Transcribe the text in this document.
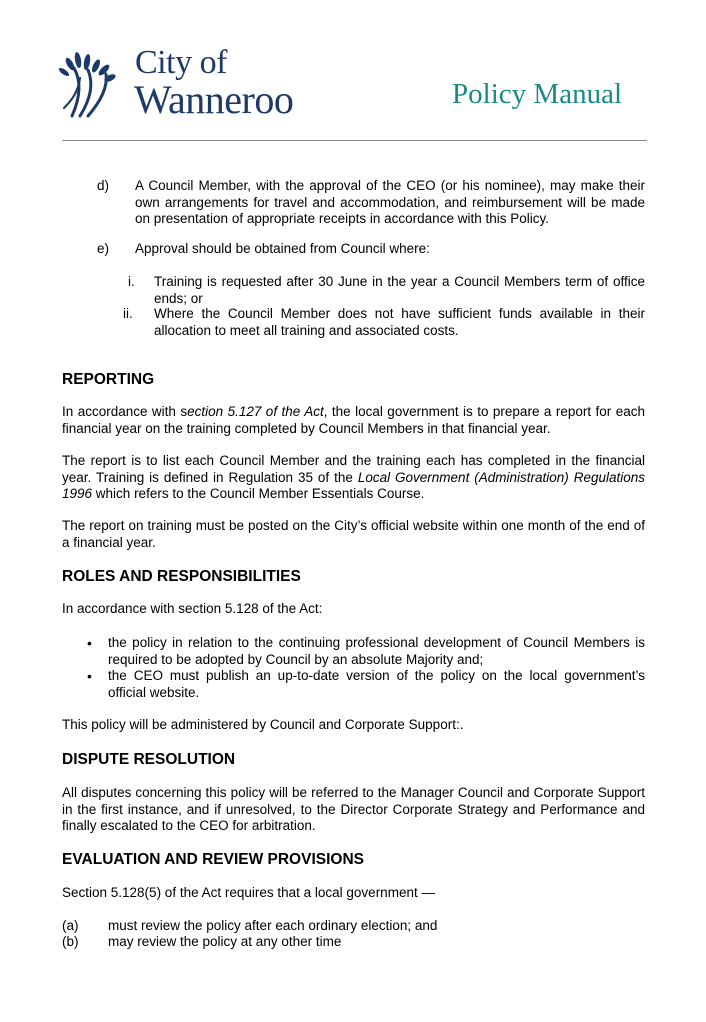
City of
Wanneroo	Policy Manual
d) A Council Member, with the approval of the CEO (or his nominee), may make their own arrangements for travel and accommodation, and reimbursement will be made on presentation of appropriate receipts in accordance with this Policy.
e) Approval should be obtained from Council where:
i. Training is requested after 30 June in the year a Council Members term of office ends; or
ii. Where the Council Member does not have sufficient funds available in their allocation to meet all training and associated costs.
REPORTING
In accordance with section 5.127 of the Act, the local government is to prepare a report for each financial year on the training completed by Council Members in that financial year.
The report is to list each Council Member and the training each has completed in the financial year. Training is defined in Regulation 35 of the Local Government (Administration) Regulations 1996 which refers to the Council Member Essentials Course.
The report on training must be posted on the City’s official website within one month of the end of a financial year.
ROLES AND RESPONSIBILITIES
In accordance with section 5.128 of the Act:
• the policy in relation to the continuing professional development of Council Members is required to be adopted by Council by an absolute Majority and;
• the CEO must publish an up-to-date version of the policy on the local government’s official website.
This policy will be administered by Council and Corporate Support:.
DISPUTE RESOLUTION
All disputes concerning this policy will be referred to the Manager Council and Corporate Support in the first instance, and if unresolved, to the Director Corporate Strategy and Performance and finally escalated to the CEO for arbitration.
EVALUATION AND REVIEW PROVISIONS
Section 5.128(5) of the Act requires that a local government —
(a) must review the policy after each ordinary election; and
(b) may review the policy at any other time
